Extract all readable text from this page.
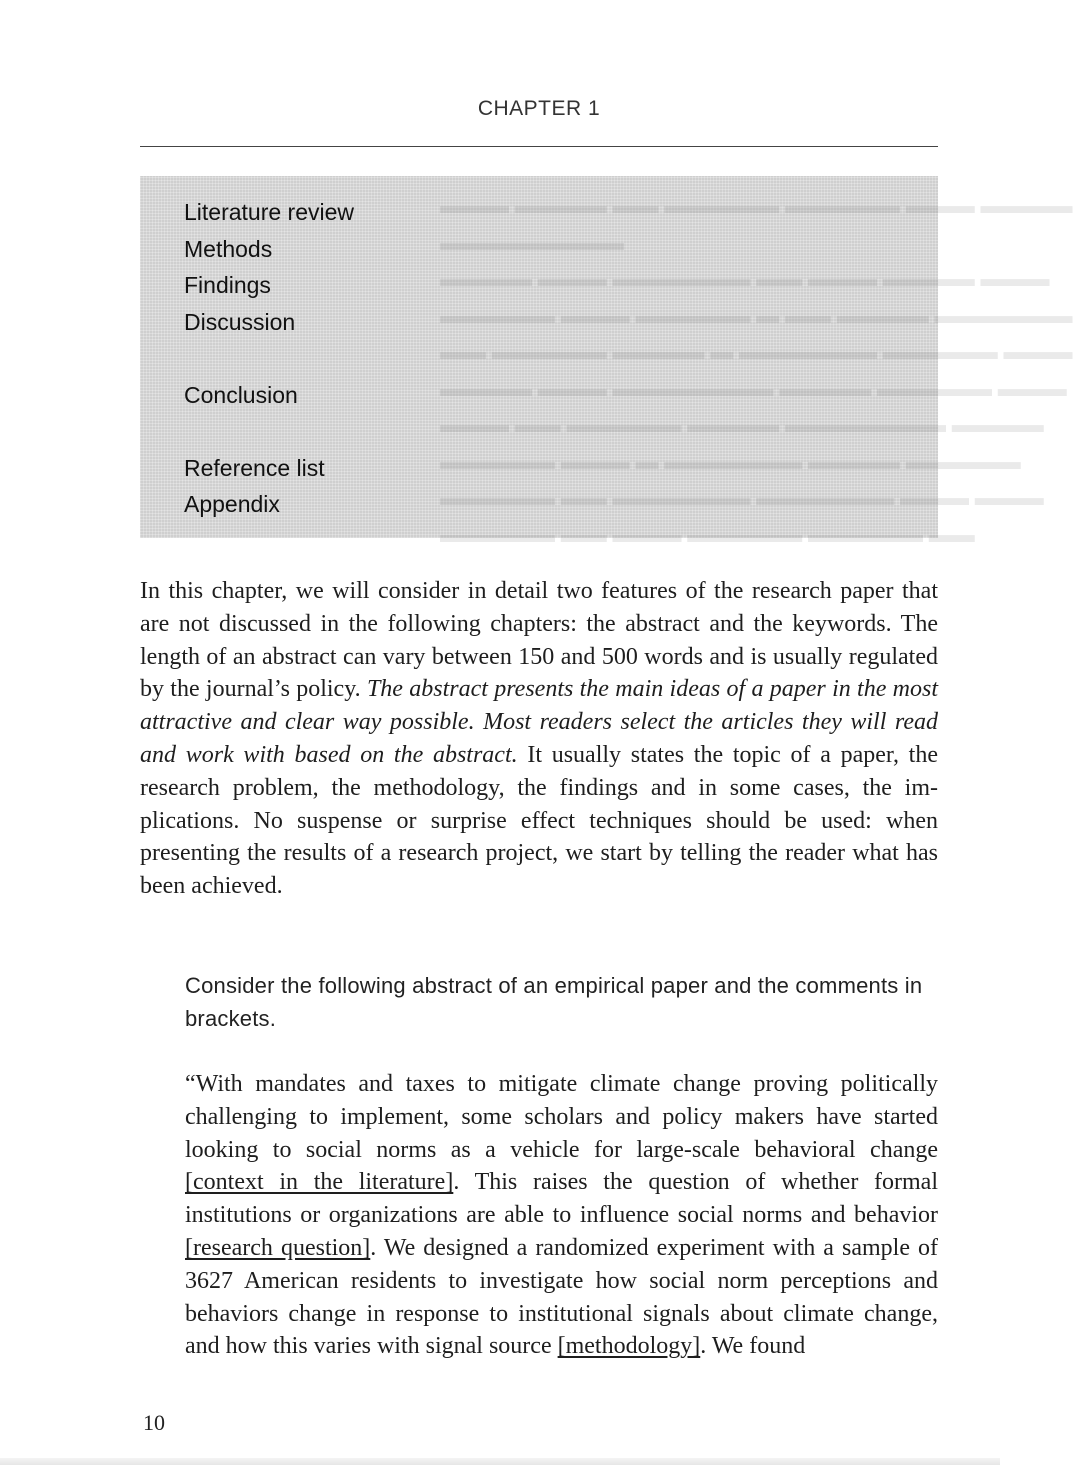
CHAPTER 1
▬▬▬ ▬▬▬▬ ▬▬ ▬▬▬▬▬ ▬▬▬▬▬ ▬▬▬ ▬▬▬▬
▬▬▬▬▬▬▬▬
▬▬▬▬ ▬▬▬ ▬▬▬▬▬▬ ▬▬ ▬▬▬ ▬▬▬▬ ▬▬▬
▬▬▬▬▬ ▬▬▬ ▬▬▬▬▬ ▬ ▬▬ ▬▬▬▬ ▬▬▬▬▬▬
▬▬ ▬▬▬▬▬ ▬▬▬▬ ▬ ▬▬▬▬▬▬ ▬▬▬▬▬ ▬▬▬
▬▬▬▬ ▬▬▬ ▬▬▬▬▬▬▬ ▬▬▬▬ ▬▬▬▬▬ ▬▬▬
▬▬▬ ▬▬ ▬▬▬▬▬ ▬▬▬▬ ▬▬▬▬▬▬▬ ▬▬▬▬
▬▬▬▬▬ ▬▬▬ ▬ ▬▬▬▬▬▬ ▬▬▬▬ ▬▬▬▬▬
▬▬▬▬▬ ▬▬ ▬▬▬▬▬▬ ▬▬▬▬▬▬ ▬▬▬ ▬▬▬
▬▬▬▬▬ ▬▬ ▬▬▬ ▬▬▬▬▬ ▬▬▬▬▬ ▬▬
Literature review
Methods
Findings
Discussion
Conclusion
Reference list
Appendix

In this chapter, we will consider in detail two features of the research paper that are not discussed in the following chapters: the abstract and the keywords. The length of an abstract can vary between 150 and 500 words and is usually regulated by the journal’s policy. The abstract presents the main ideas of a paper in the most attractive and clear way possible. Most readers select the articles they will read and work with based on the abstract. It usually states the topic of a paper, the research problem, the methodology, the findings and in some cases, the implications. No suspense or surprise effect techniques should be used: when presenting the results of a research project, we start by telling the reader what has been achieved.

Consider the following abstract of an empirical paper and the comments in brackets.

“With mandates and taxes to mitigate climate change proving politically challenging to implement, some scholars and policy makers have started looking to social norms as a vehicle for large-scale behavioral change [context in the literature]. This raises the question of whether formal institutions or organizations are able to influence social norms and behavior [research question]. We designed a randomized experiment with a sample of 3627 American residents to investigate how social norm perceptions and behaviors change in response to institutional signals about climate change, and how this varies with signal source [methodology]. We found

10
